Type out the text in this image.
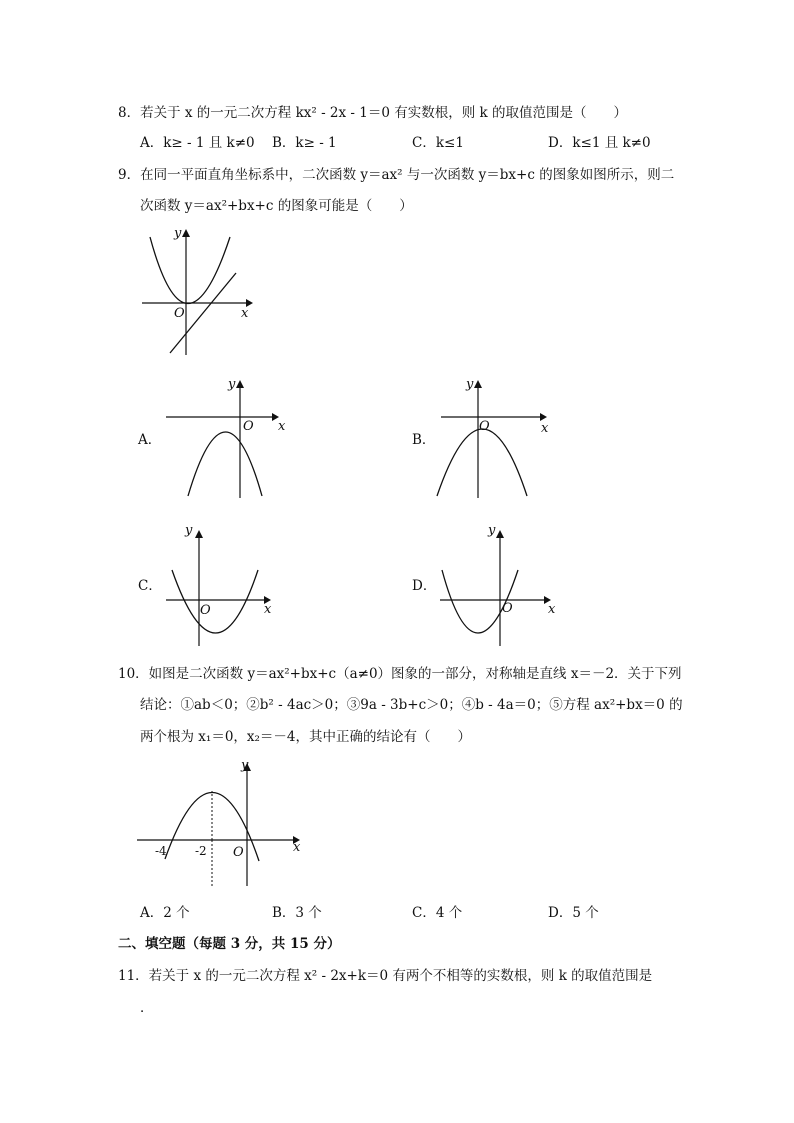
8．若关于 x 的一元二次方程 kx² - 2x - 1＝0 有实数根，则 k 的取值范围是（　　）
A．k≥ - 1 且 k≠0 B．k≥ - 1	C．k≤1	D．k≤1 且 k≠0
9．在同一平面直角坐标系中，二次函数 y＝ax² 与一次函数 y＝bx+c 的图象如图所示，则二
次函数 y＝ax²+bx+c 的图象可能是（　　）
y
x
O
A．
y
x
O
B．
y
x
O
C．
y
x
O
D．
y
x
O
10．如图是二次函数 y＝ax²+bx+c（a≠0）图象的一部分，对称轴是直线 x＝－2．关于下列
结论：①ab＜0；②b² - 4ac＞0；③9a - 3b+c＞0；④b - 4a＝0；⑤方程 ax²+bx＝0 的
两个根为 x₁＝0，x₂＝－4，其中正确的结论有（　　）
-4 -2
y
x
O
A．2 个	B．3 个	C．4 个	D．5 个
二、填空题（每题 3 分，共 15 分）
11．若关于 x 的一元二次方程 x² - 2x+k＝0 有两个不相等的实数根，则 k 的取值范围是
．
